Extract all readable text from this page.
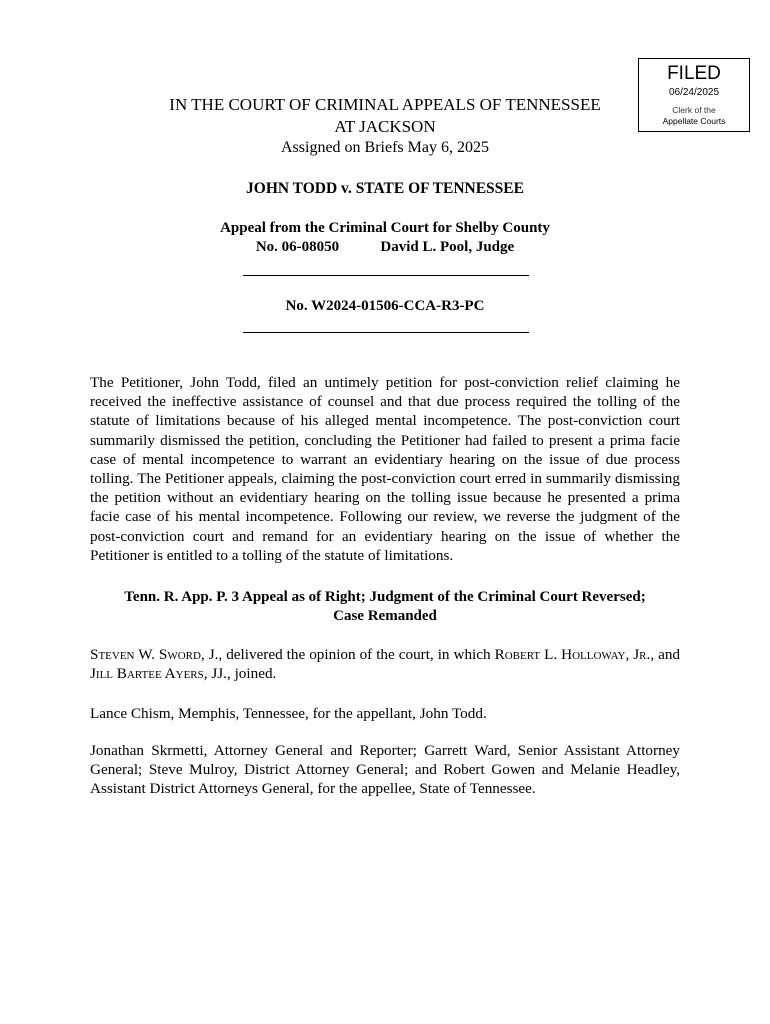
FILED
06/24/2025
Clerk of the
Appellate Courts
IN THE COURT OF CRIMINAL APPEALS OF TENNESSEE
AT JACKSON
Assigned on Briefs May 6, 2025
JOHN TODD v. STATE OF TENNESSEE
Appeal from the Criminal Court for Shelby County
No. 06-08050	David L. Pool, Judge
No. W2024-01506-CCA-R3-PC
The Petitioner, John Todd, filed an untimely petition for post-conviction relief claiming he received the ineffective assistance of counsel and that due process required the tolling of the statute of limitations because of his alleged mental incompetence. The post-conviction court summarily dismissed the petition, concluding the Petitioner had failed to present a prima facie case of mental incompetence to warrant an evidentiary hearing on the issue of due process tolling. The Petitioner appeals, claiming the post-conviction court erred in summarily dismissing the petition without an evidentiary hearing on the tolling issue because he presented a prima facie case of his mental incompetence. Following our review, we reverse the judgment of the post-conviction court and remand for an evidentiary hearing on the issue of whether the Petitioner is entitled to a tolling of the statute of limitations.
Tenn. R. App. P. 3 Appeal as of Right; Judgment of the Criminal Court Reversed;
Case Remanded
Steven W. Sword, J., delivered the opinion of the court, in which Robert L. Holloway, Jr., and Jill Bartee Ayers, JJ., joined.
Lance Chism, Memphis, Tennessee, for the appellant, John Todd.
Jonathan Skrmetti, Attorney General and Reporter; Garrett Ward, Senior Assistant Attorney General; Steve Mulroy, District Attorney General; and Robert Gowen and Melanie Headley, Assistant District Attorneys General, for the appellee, State of Tennessee.
